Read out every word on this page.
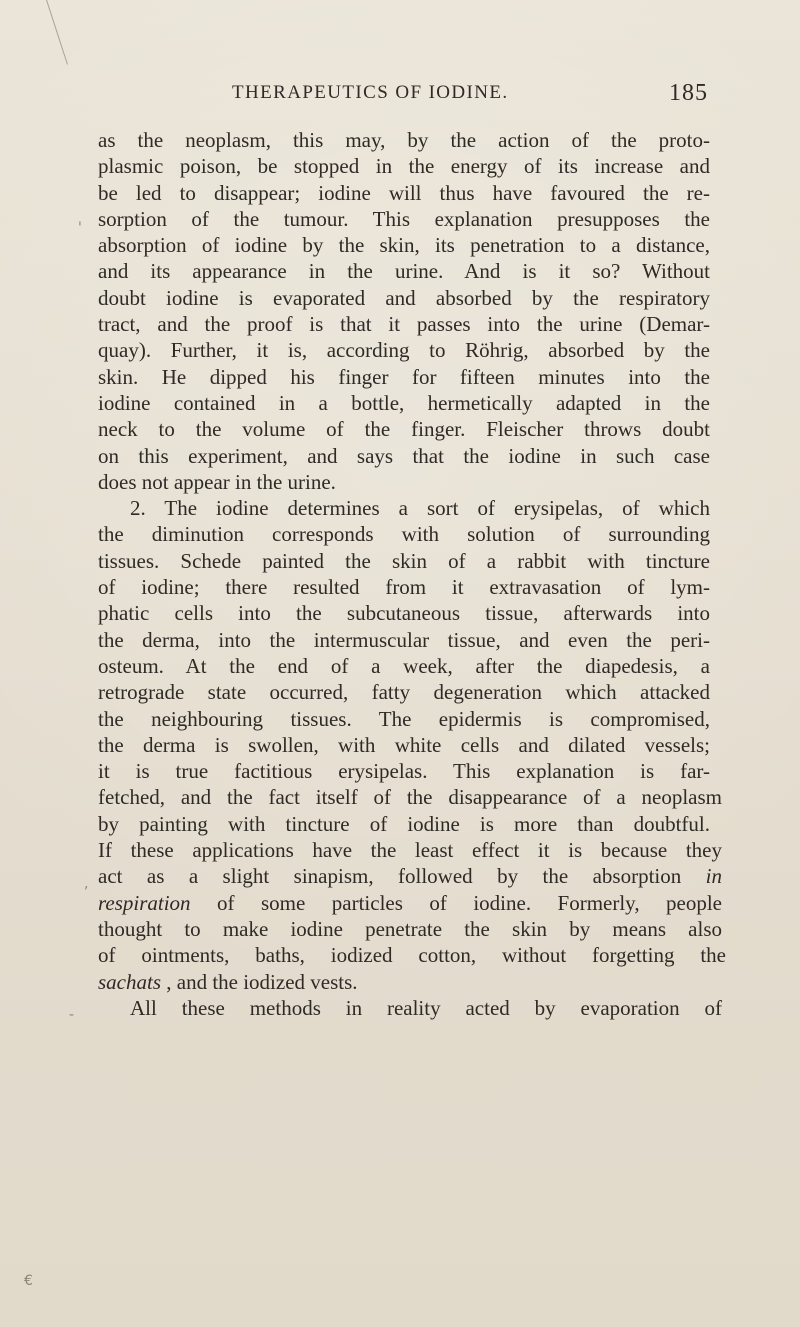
THERAPEUTICS OF IODINE.	185
as the neoplasm, this may, by the action of the proto-
plasmic poison, be stopped in the energy of its increase and
be led to disappear; iodine will thus have favoured the re-
sorption of the tumour. This explanation presupposes the
absorption of iodine by the skin, its penetration to a distance,
and its appearance in the urine. And is it so? Without
doubt iodine is evaporated and absorbed by the respiratory
tract, and the proof is that it passes into the urine (Demar-
quay). Further, it is, according to Röhrig, absorbed by the
skin. He dipped his finger for fifteen minutes into the
iodine contained in a bottle, hermetically adapted in the
neck to the volume of the finger. Fleischer throws doubt
on this experiment, and says that the iodine in such case
does not appear in the urine.
2. The iodine determines a sort of erysipelas, of which
the diminution corresponds with solution of surrounding
tissues. Schede painted the skin of a rabbit with tincture
of iodine; there resulted from it extravasation of lym-
phatic cells into the subcutaneous tissue, afterwards into
the derma, into the intermuscular tissue, and even the peri-
osteum. At the end of a week, after the diapedesis, a
retrograde state occurred, fatty degeneration which attacked
the neighbouring tissues. The epidermis is compromised,
the derma is swollen, with white cells and dilated vessels;
it is true factitious erysipelas. This explanation is far-
fetched, and the fact itself of the disappearance of a neoplasm
by painting with tincture of iodine is more than doubtful.
If these applications have the least effect it is because they
act as a slight sinapism, followed by the absorption in
respiration of some particles of iodine. Formerly, people
thought to make iodine penetrate the skin by means also
of ointments, baths, iodized cotton, without forgetting the
sachats , and the iodized vests.
All these methods in reality acted by evaporation of
'
-
,
€
